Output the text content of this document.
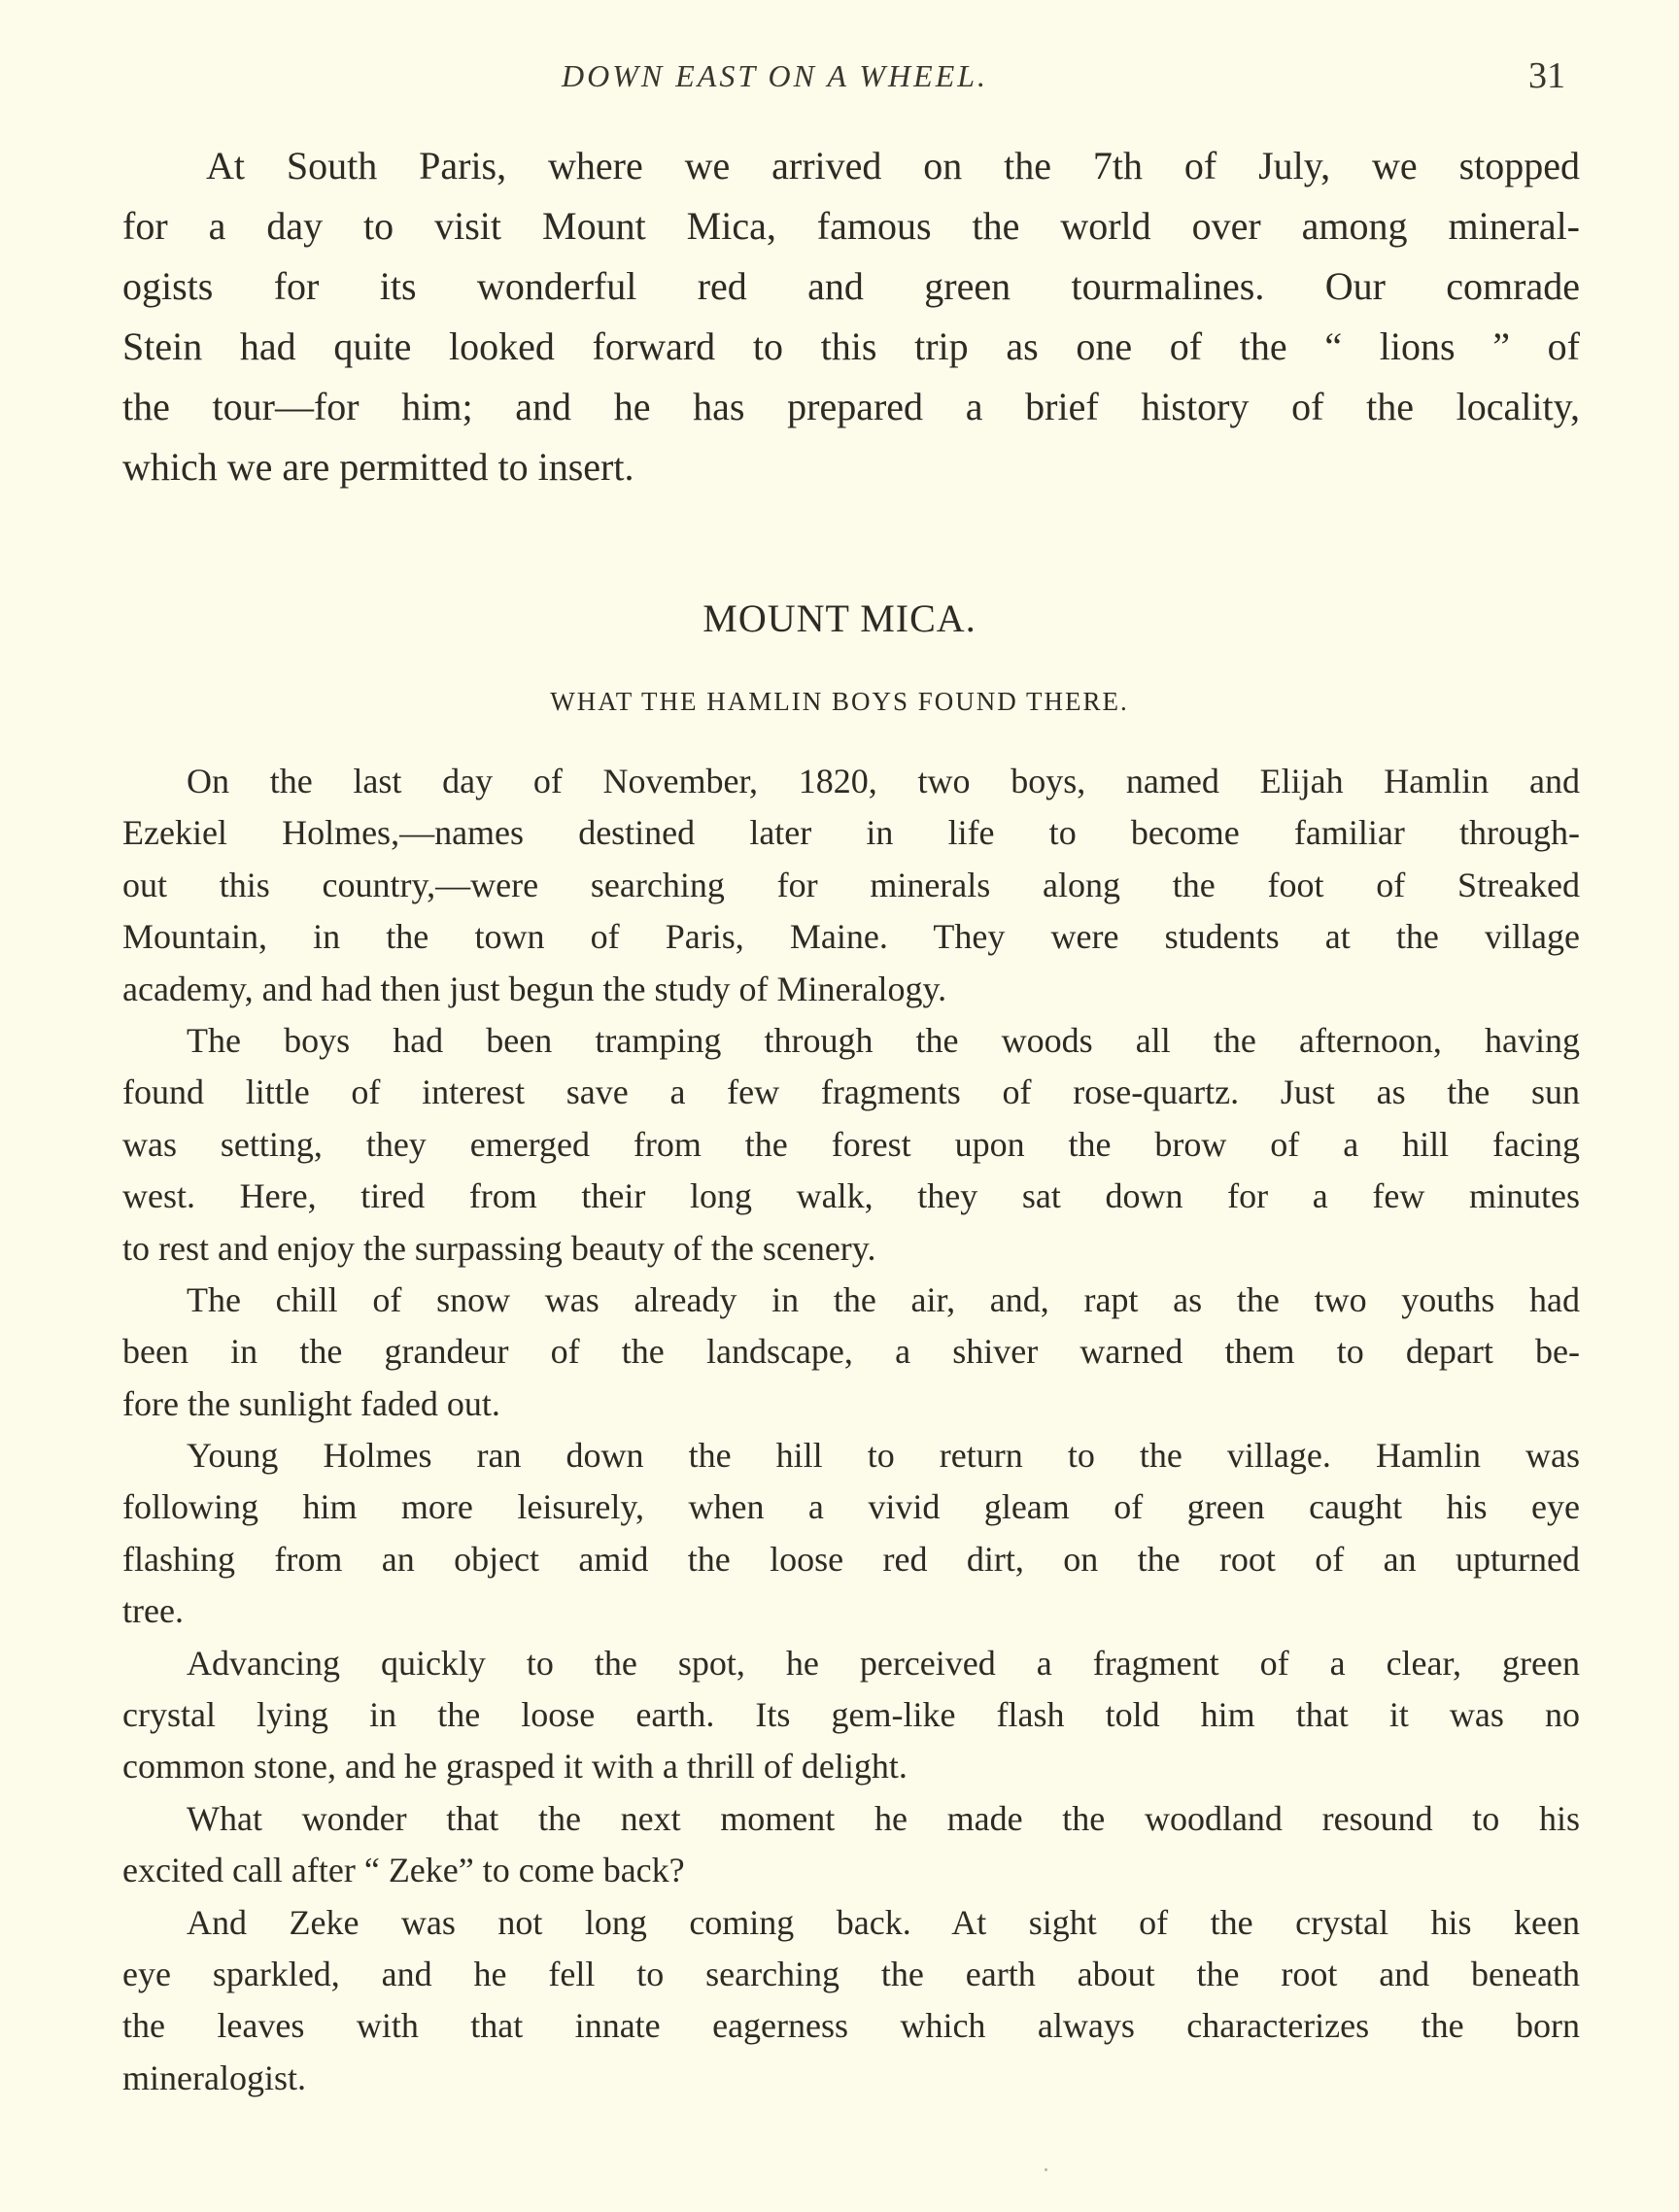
DOWN EAST ON A WHEEL.	31
At South Paris, where we arrived on the 7th of July, we stopped
for a day to visit Mount Mica, famous the world over among mineral-
ogists for its wonderful red and green tourmalines. Our comrade
Stein had quite looked forward to this trip as one of the “ lions ” of
the tour—for him; and he has prepared a brief history of the locality,
which we are permitted to insert.
MOUNT MICA.
WHAT THE HAMLIN BOYS FOUND THERE.
On the last day of November, 1820, two boys, named Elijah Hamlin and
Ezekiel Holmes,—names destined later in life to become familiar through-
out this country,—were searching for minerals along the foot of Streaked
Mountain, in the town of Paris, Maine. They were students at the village
academy, and had then just begun the study of Mineralogy.
The boys had been tramping through the woods all the afternoon, having
found little of interest save a few fragments of rose-quartz. Just as the sun
was setting, they emerged from the forest upon the brow of a hill facing
west. Here, tired from their long walk, they sat down for a few minutes
to rest and enjoy the surpassing beauty of the scenery.
The chill of snow was already in the air, and, rapt as the two youths had
been in the grandeur of the landscape, a shiver warned them to depart be-
fore the sunlight faded out.
Young Holmes ran down the hill to return to the village. Hamlin was
following him more leisurely, when a vivid gleam of green caught his eye
flashing from an object amid the loose red dirt, on the root of an upturned
tree.
Advancing quickly to the spot, he perceived a fragment of a clear, green
crystal lying in the loose earth. Its gem-like flash told him that it was no
common stone, and he grasped it with a thrill of delight.
What wonder that the next moment he made the woodland resound to his
excited call after “ Zeke” to come back?
And Zeke was not long coming back. At sight of the crystal his keen
eye sparkled, and he fell to searching the earth about the root and beneath
the leaves with that innate eagerness which always characterizes the born
mineralogist.
